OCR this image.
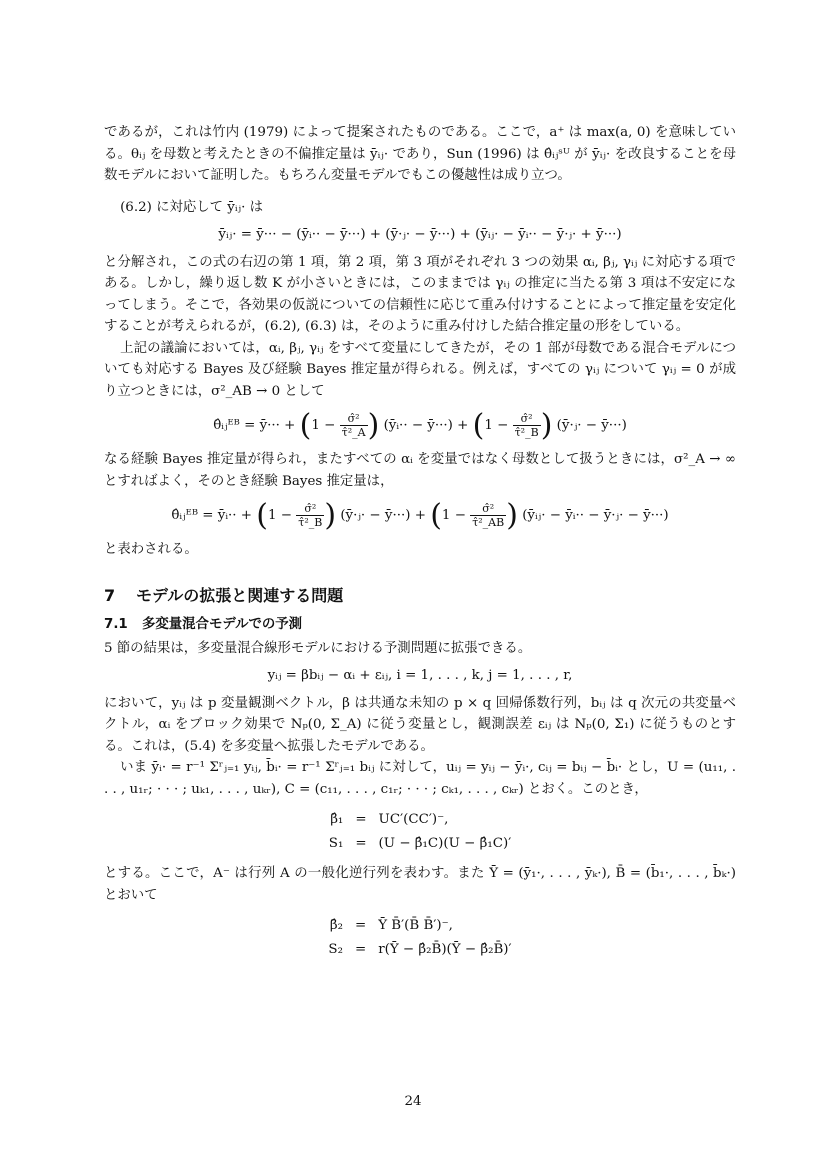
であるが，これは竹内 (1979) によって提案されたものである。ここで，a⁺ は max(a, 0) を意味している。θᵢⱼ を母数と考えたときの不偏推定量は ȳᵢⱼ· であり，Sun (1996) は θ̂ᵢⱼˢᵁ が ȳᵢⱼ· を改良することを母数モデルにおいて証明した。もちろん変量モデルでもこの優越性は成り立つ。

(6.2) に対応して ȳᵢⱼ· は

ȳᵢⱼ· = ȳ··· − (ȳᵢ·· − ȳ···) + (ȳ·ⱼ· − ȳ···) + (ȳᵢⱼ· − ȳᵢ·· − ȳ·ⱼ· + ȳ···)

と分解され，この式の右辺の第 1 項，第 2 項，第 3 項がそれぞれ 3 つの効果 αᵢ, βⱼ, γᵢⱼ に対応する項である。しかし，繰り返し数 K が小さいときには，このままでは γᵢⱼ の推定に当たる第 3 項は不安定になってしまう。そこで，各効果の仮説についての信頼性に応じて重み付けすることによって推定量を安定化することが考えられるが，(6.2), (6.3) は，そのように重み付けした結合推定量の形をしている。

上記の議論においては，αᵢ, βⱼ, γᵢⱼ をすべて変量にしてきたが，その 1 部が母数である混合モデルについても対応する Bayes 及び経験 Bayes 推定量が得られる。例えば，すべての γᵢⱼ について γᵢⱼ = 0 が成り立つときには，σ²_AB → 0 として

θ̂ᵢⱼᴱᴮ = ȳ··· + ($1 - \frac{\text{σ̂²}}{\text{τ̂²\_A}}$ ) (ȳᵢ·· − ȳ···) + ($1 - \frac{\text{σ̂²}}{\text{τ̂²\_B}}$ ) (ȳ·ⱼ· − ȳ···)

なる経験 Bayes 推定量が得られ，またすべての αᵢ を変量ではなく母数として扱うときには，σ²_A → ∞ とすればよく，そのとき経験 Bayes 推定量は，

θ̂ᵢⱼᴱᴮ = ȳᵢ·· + ($1 - \frac{\text{σ̂²}}{\text{τ̂²\_B}}$ ) (ȳ·ⱼ· − ȳ···) + ($1 - \frac{\text{σ̂²}}{\text{τ̂²\_AB}}$ ) (ȳᵢⱼ· − ȳᵢ·· − ȳ·ⱼ· − ȳ···)

と表わされる。

7 モデルの拡張と関連する問題
7.1 多変量混合モデルでの予測

5 節の結果は，多変量混合線形モデルにおける予測問題に拡張できる。

yᵢⱼ = βbᵢⱼ − αᵢ + εᵢⱼ, i = 1, . . . , k, j = 1, . . . , r,

において，yᵢⱼ は p 変量観測ベクトル，β は共通な未知の p × q 回帰係数行列，bᵢⱼ は q 次元の共変量ベクトル，αᵢ をブロック効果で Nₚ(0, Σ_A) に従う変量とし，観測誤差 εᵢⱼ は Nₚ(0, Σ₁) に従うものとする。これは，(5.4) を多変量へ拡張したモデルである。

いま ȳᵢ· = r⁻¹ Σʳⱼ₌₁ yᵢⱼ, b̄ᵢ· = r⁻¹ Σʳⱼ₌₁ bᵢⱼ に対して，uᵢⱼ = yᵢⱼ − ȳᵢ·, cᵢⱼ = bᵢⱼ − b̄ᵢ· とし，U = (u₁₁, . . . , u₁ᵣ; · · · ; uₖ₁, . . . , uₖᵣ), C = (c₁₁, . . . , c₁ᵣ; · · · ; cₖ₁, . . . , cₖᵣ) とおく。このとき，

β̂₁	=	UC′(CC′)⁻,
S₁	=	(U − β̂₁C)(U − β̂₁C)′

とする。ここで，A⁻ は行列 A の一般化逆行列を表わす。また Ȳ = (ȳ₁·, . . . , ȳₖ·), B̄ = (b̄₁·, . . . , b̄ₖ·) とおいて

β̂₂	=	Ȳ B̄′(B̄ B̄′)⁻,
S₂	=	r(Ȳ − β̂₂B̄)(Ȳ − β̂₂B̄)′
24
